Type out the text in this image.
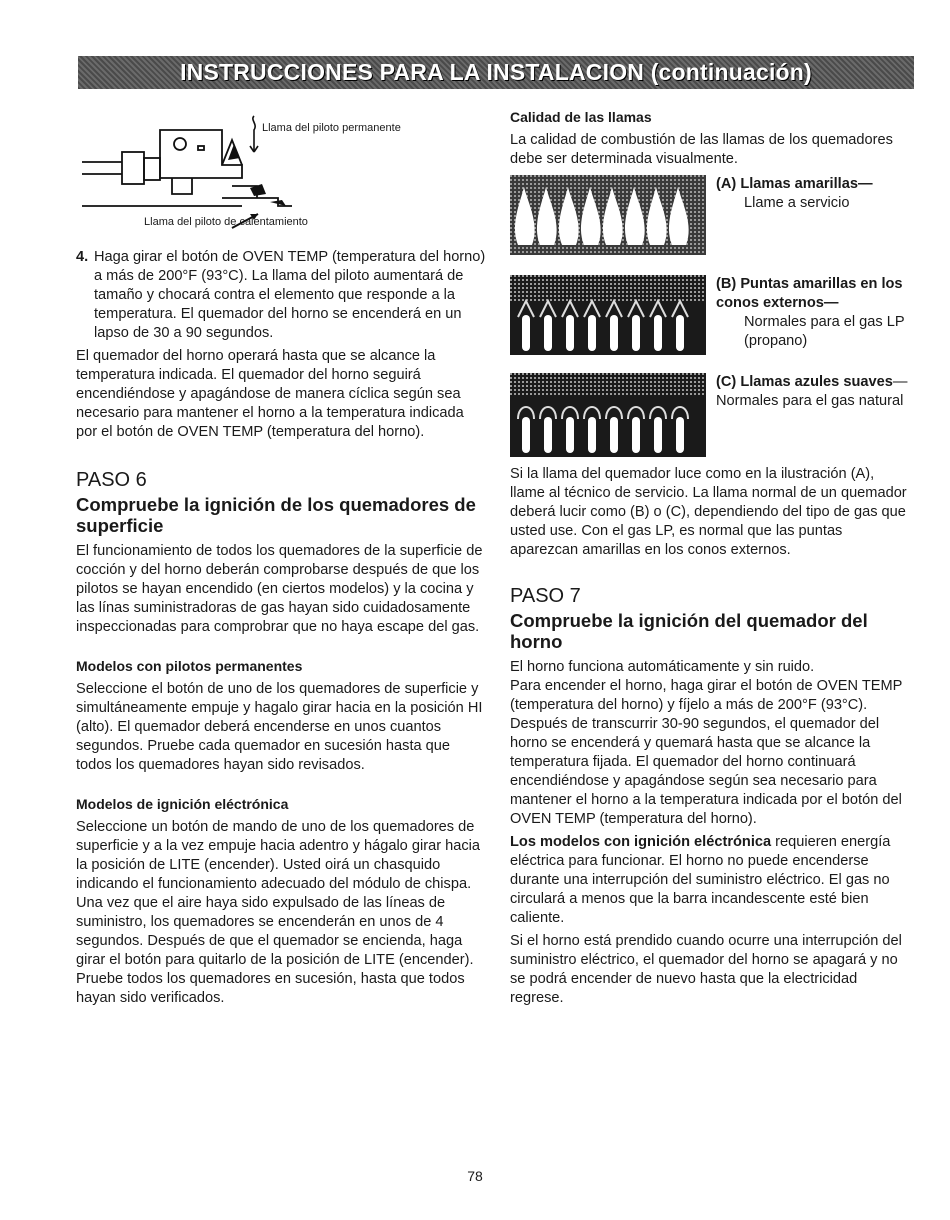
INSTRUCCIONES PARA LA INSTALACION (continuación)
Llama del piloto permanente
Llama del piloto de calentamiento
4. Haga girar el botón de OVEN TEMP (temperatura del horno) a más de 200°F (93°C). La llama del piloto aumentará de tamaño y chocará contra el elemento que responde a la temperatura. El quemador del horno se encenderá en un lapso de 30 a 90 segundos.

El quemador del horno operará hasta que se alcance la temperatura indicada. El quemador del horno seguirá encendiéndose y apagándose de manera cíclica según sea necesario para mantener el horno a la temperatura indicada por el botón de OVEN TEMP (temperatura del horno).

PASO 6
Compruebe la ignición de los quemadores de superficie

El funcionamiento de todos los quemadores de la superficie de cocción y del horno deberán comprobarse después de que los pilotos se hayan encendido (en ciertos modelos) y la cocina y las línas suministradoras de gas hayan sido cuidadosamente inspeccionadas para comprobrar que no haya escape del gas.

Modelos con pilotos permanentes

Seleccione el botón de uno de los quemadores de superficie y simultáneamente empuje y hagalo girar hacia en la posición HI (alto). El quemador deberá encenderse en unos cuantos segundos. Pruebe cada quemador en sucesión hasta que todos los quemadores hayan sido revisados.

Modelos de ignición eléctrónica

Seleccione un botón de mando de uno de los quemadores de superficie y a la vez empuje hacia adentro y hágalo girar hacia la posición de LITE (encender). Usted oirá un chasquido indicando el funcionamiento adecuado del módulo de chispa. Una vez que el aire haya sido expulsado de las líneas de suministro, los quemadores se encenderán en unos de 4 segundos. Después de que el quemador se encienda, haga girar el botón para quitarlo de la posición de LITE (encender). Pruebe todos los quemadores en sucesión, hasta que todos hayan sido verificados.

Calidad de las llamas

La calidad de combustión de las llamas de los quemadores debe ser determinada visualmente.

(A) Llamas amarillas—
Llame a servicio
(B) Puntas amarillas en los conos externos—
Normales para el gas LP (propano)
(C) Llamas azules suaves—Normales para el gas natural

Si la llama del quemador luce como en la ilustración (A), llame al técnico de servicio. La llama normal de un quemador deberá lucir como (B) o (C), dependiendo del tipo de gas que usted use. Con el gas LP, es normal que las puntas aparezcan amarillas en los conos externos.

PASO 7
Compruebe la ignición del quemador del horno

El horno funciona automáticamente y sin ruido.

Para encender el horno, haga girar el botón de OVEN TEMP (temperatura del horno) y fíjelo a más de 200°F (93°C). Después de transcurrir 30-90 segundos, el quemador del horno se encenderá y quemará hasta que se alcance la temperatura fijada. El quemador del horno continuará encendiéndose y apagándose según sea necesario para mantener el horno a la temperatura indicada por el botón del OVEN TEMP (temperatura del horno).

Los modelos con ignición eléctrónica requieren energía eléctrica para funcionar. El horno no puede encenderse durante una interrupción del suministro eléctrico. El gas no circulará a menos que la barra incandescente esté bien caliente.

Si el horno está prendido cuando ocurre una interrupción del suministro eléctrico, el quemador del horno se apagará y no se podrá encender de nuevo hasta que la electricidad regrese.

78
